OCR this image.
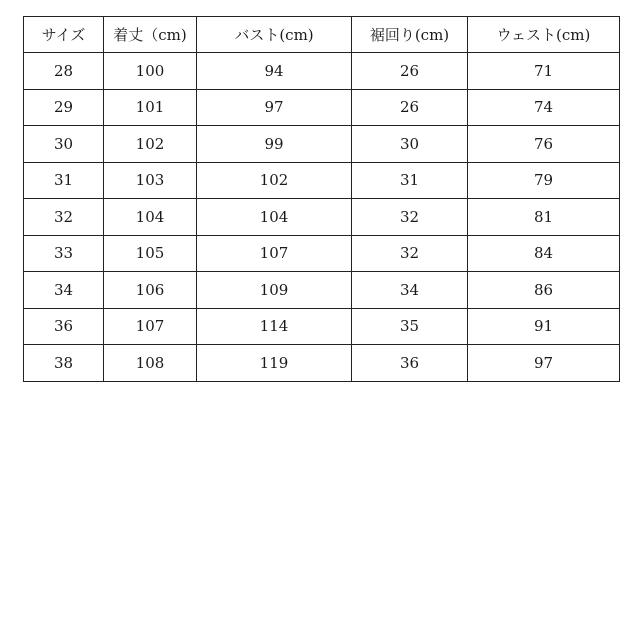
サイズ	着丈（cm)	バスト(cm)	裾回り(cm)	ウェスト(cm)
28	100	94	26	71
29	101	97	26	74
30	102	99	30	76
31	103	102	31	79
32	104	104	32	81
33	105	107	32	84
34	106	109	34	86
36	107	114	35	91
38	108	119	36	97
